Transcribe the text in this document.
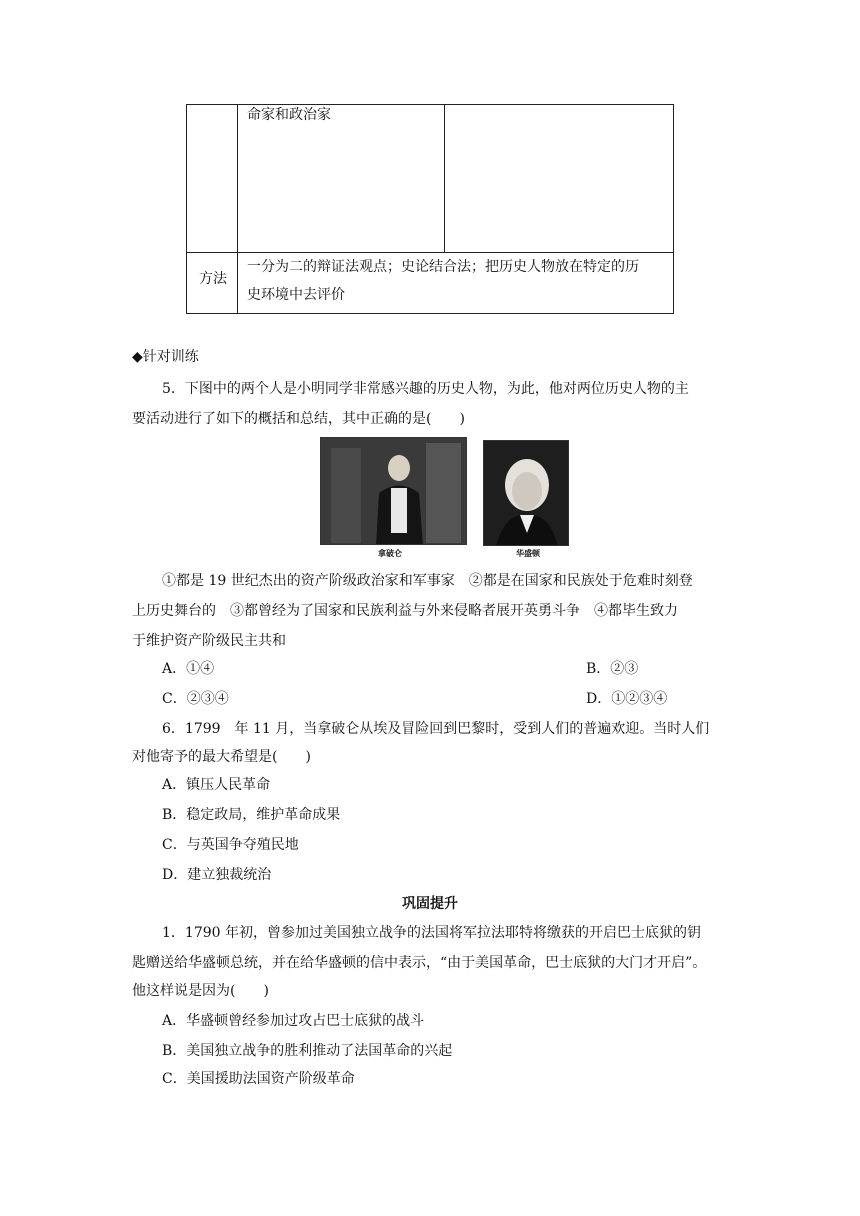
命家和政治家
方法
一分为二的辩证法观点；史论结合法；把历史人物放在特定的历
史环境中去评价
◆针对训练
5．下图中的两个人是小明同学非常感兴趣的历史人物，为此，他对两位历史人物的主
要活动进行了如下的概括和总结，其中正确的是(　　)
拿破仑	华盛顿
①都是 19 世纪杰出的资产阶级政治家和军事家　②都是在国家和民族处于危难时刻登
上历史舞台的　③都曾经为了国家和民族利益与外来侵略者展开英勇斗争　④都毕生致力
于维护资产阶级民主共和
A．①④	B．②③
C．②③④	D．①②③④
6．1799　年 11 月，当拿破仑从埃及冒险回到巴黎时，受到人们的普遍欢迎。当时人们
对他寄予的最大希望是(　　)
A．镇压人民革命
B．稳定政局，维护革命成果
C．与英国争夺殖民地
D．建立独裁统治
巩固提升
1．1790 年初，曾参加过美国独立战争的法国将军拉法耶特将缴获的开启巴士底狱的钥
匙赠送给华盛顿总统，并在给华盛顿的信中表示，“由于美国革命，巴士底狱的大门才开启”。
他这样说是因为(　　)
A．华盛顿曾经参加过攻占巴士底狱的战斗
B．美国独立战争的胜利推动了法国革命的兴起
C．美国援助法国资产阶级革命
